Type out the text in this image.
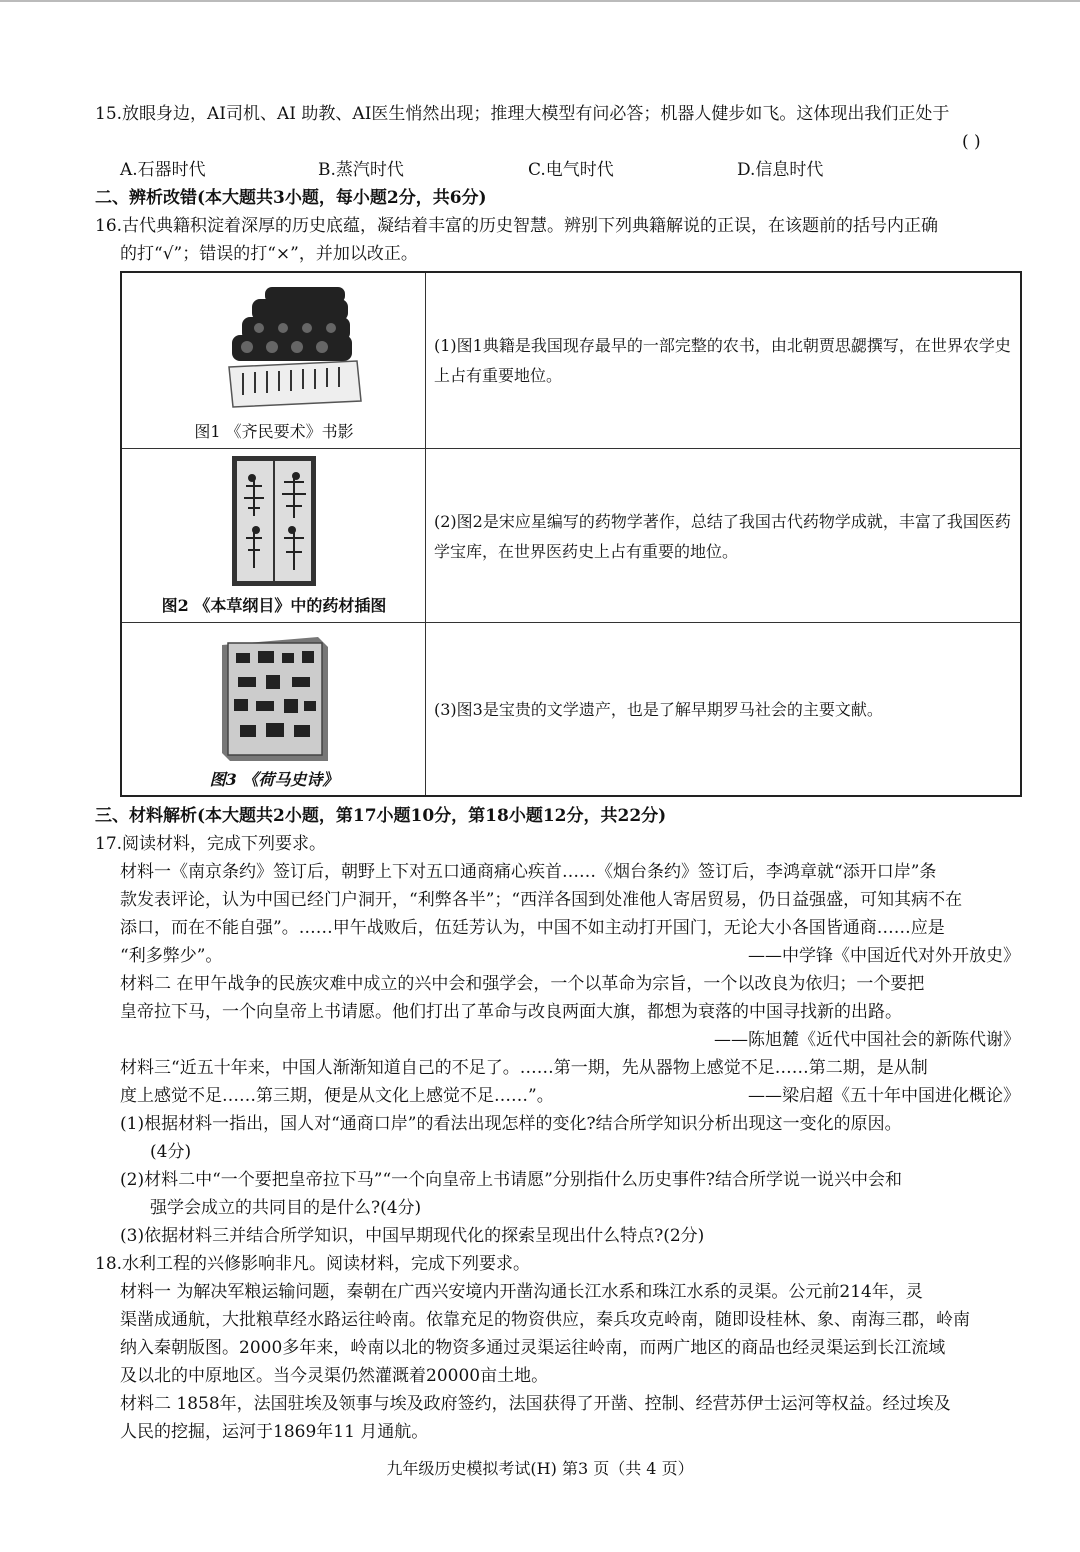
15.放眼身边，AI司机、AI 助教、AI医生悄然出现；推理大模型有问必答；机器人健步如飞。这体现出我们正处于
( )
A.石器时代	B.蒸汽时代	C.电气时代	D.信息时代
二、辨析改错(本大题共3小题，每小题2分，共6分)
16.古代典籍积淀着深厚的历史底蕴，凝结着丰富的历史智慧。辨别下列典籍解说的正误，在该题前的括号内正确
的打“√”；错误的打“×”，并加以改正。
图1 《齐民要术》书影
(1)图1典籍是我国现存最早的一部完整的农书，由北朝贾思勰撰写，在世界农学史上占有重要地位。
图2 《本草纲目》中的药材插图
(2)图2是宋应星编写的药物学著作，总结了我国古代药物学成就，丰富了我国医药学宝库，在世界医药史上占有重要的地位。
图3 《荷马史诗》
(3)图3是宝贵的文学遗产，也是了解早期罗马社会的主要文献。
三、材料解析(本大题共2小题，第17小题10分，第18小题12分，共22分)
17.阅读材料，完成下列要求。
材料一《南京条约》签订后，朝野上下对五口通商痛心疾首……《烟台条约》签订后，李鸿章就“添开口岸”条
款发表评论，认为中国已经门户洞开，“利弊各半”；“西洋各国到处准他人寄居贸易，仍日益强盛，可知其病不在
添口，而在不能自强”。……甲午战败后，伍廷芳认为，中国不如主动打开国门，无论大小各国皆通商……应是
“利多弊少”。	——中学锋《中国近代对外开放史》
材料二 在甲午战争的民族灾难中成立的兴中会和强学会，一个以革命为宗旨，一个以改良为依归；一个要把
皇帝拉下马，一个向皇帝上书请愿。他们打出了革命与改良两面大旗，都想为衰落的中国寻找新的出路。
——陈旭麓《近代中国社会的新陈代谢》
材料三“近五十年来，中国人渐渐知道自己的不足了。……第一期，先从器物上感觉不足……第二期，是从制
度上感觉不足……第三期，便是从文化上感觉不足……”。	——梁启超《五十年中国进化概论》
(1)根据材料一指出，国人对“通商口岸”的看法出现怎样的变化?结合所学知识分析出现这一变化的原因。
(4分)
(2)材料二中“一个要把皇帝拉下马”“一个向皇帝上书请愿”分别指什么历史事件?结合所学说一说兴中会和
强学会成立的共同目的是什么?(4分)
(3)依据材料三并结合所学知识，中国早期现代化的探索呈现出什么特点?(2分)
18.水利工程的兴修影响非凡。阅读材料，完成下列要求。
材料一 为解决军粮运输问题，秦朝在广西兴安境内开凿沟通长江水系和珠江水系的灵渠。公元前214年，灵
渠凿成通航，大批粮草经水路运往岭南。依靠充足的物资供应，秦兵攻克岭南，随即设桂林、象、南海三郡，岭南
纳入秦朝版图。2000多年来，岭南以北的物资多通过灵渠运往岭南，而两广地区的商品也经灵渠运到长江流域
及以北的中原地区。当今灵渠仍然灌溉着20000亩土地。
材料二 1858年，法国驻埃及领事与埃及政府签约，法国获得了开凿、控制、经营苏伊士运河等权益。经过埃及
人民的挖掘，运河于1869年11 月通航。
九年级历史模拟考试(H) 第3 页（共 4 页）
